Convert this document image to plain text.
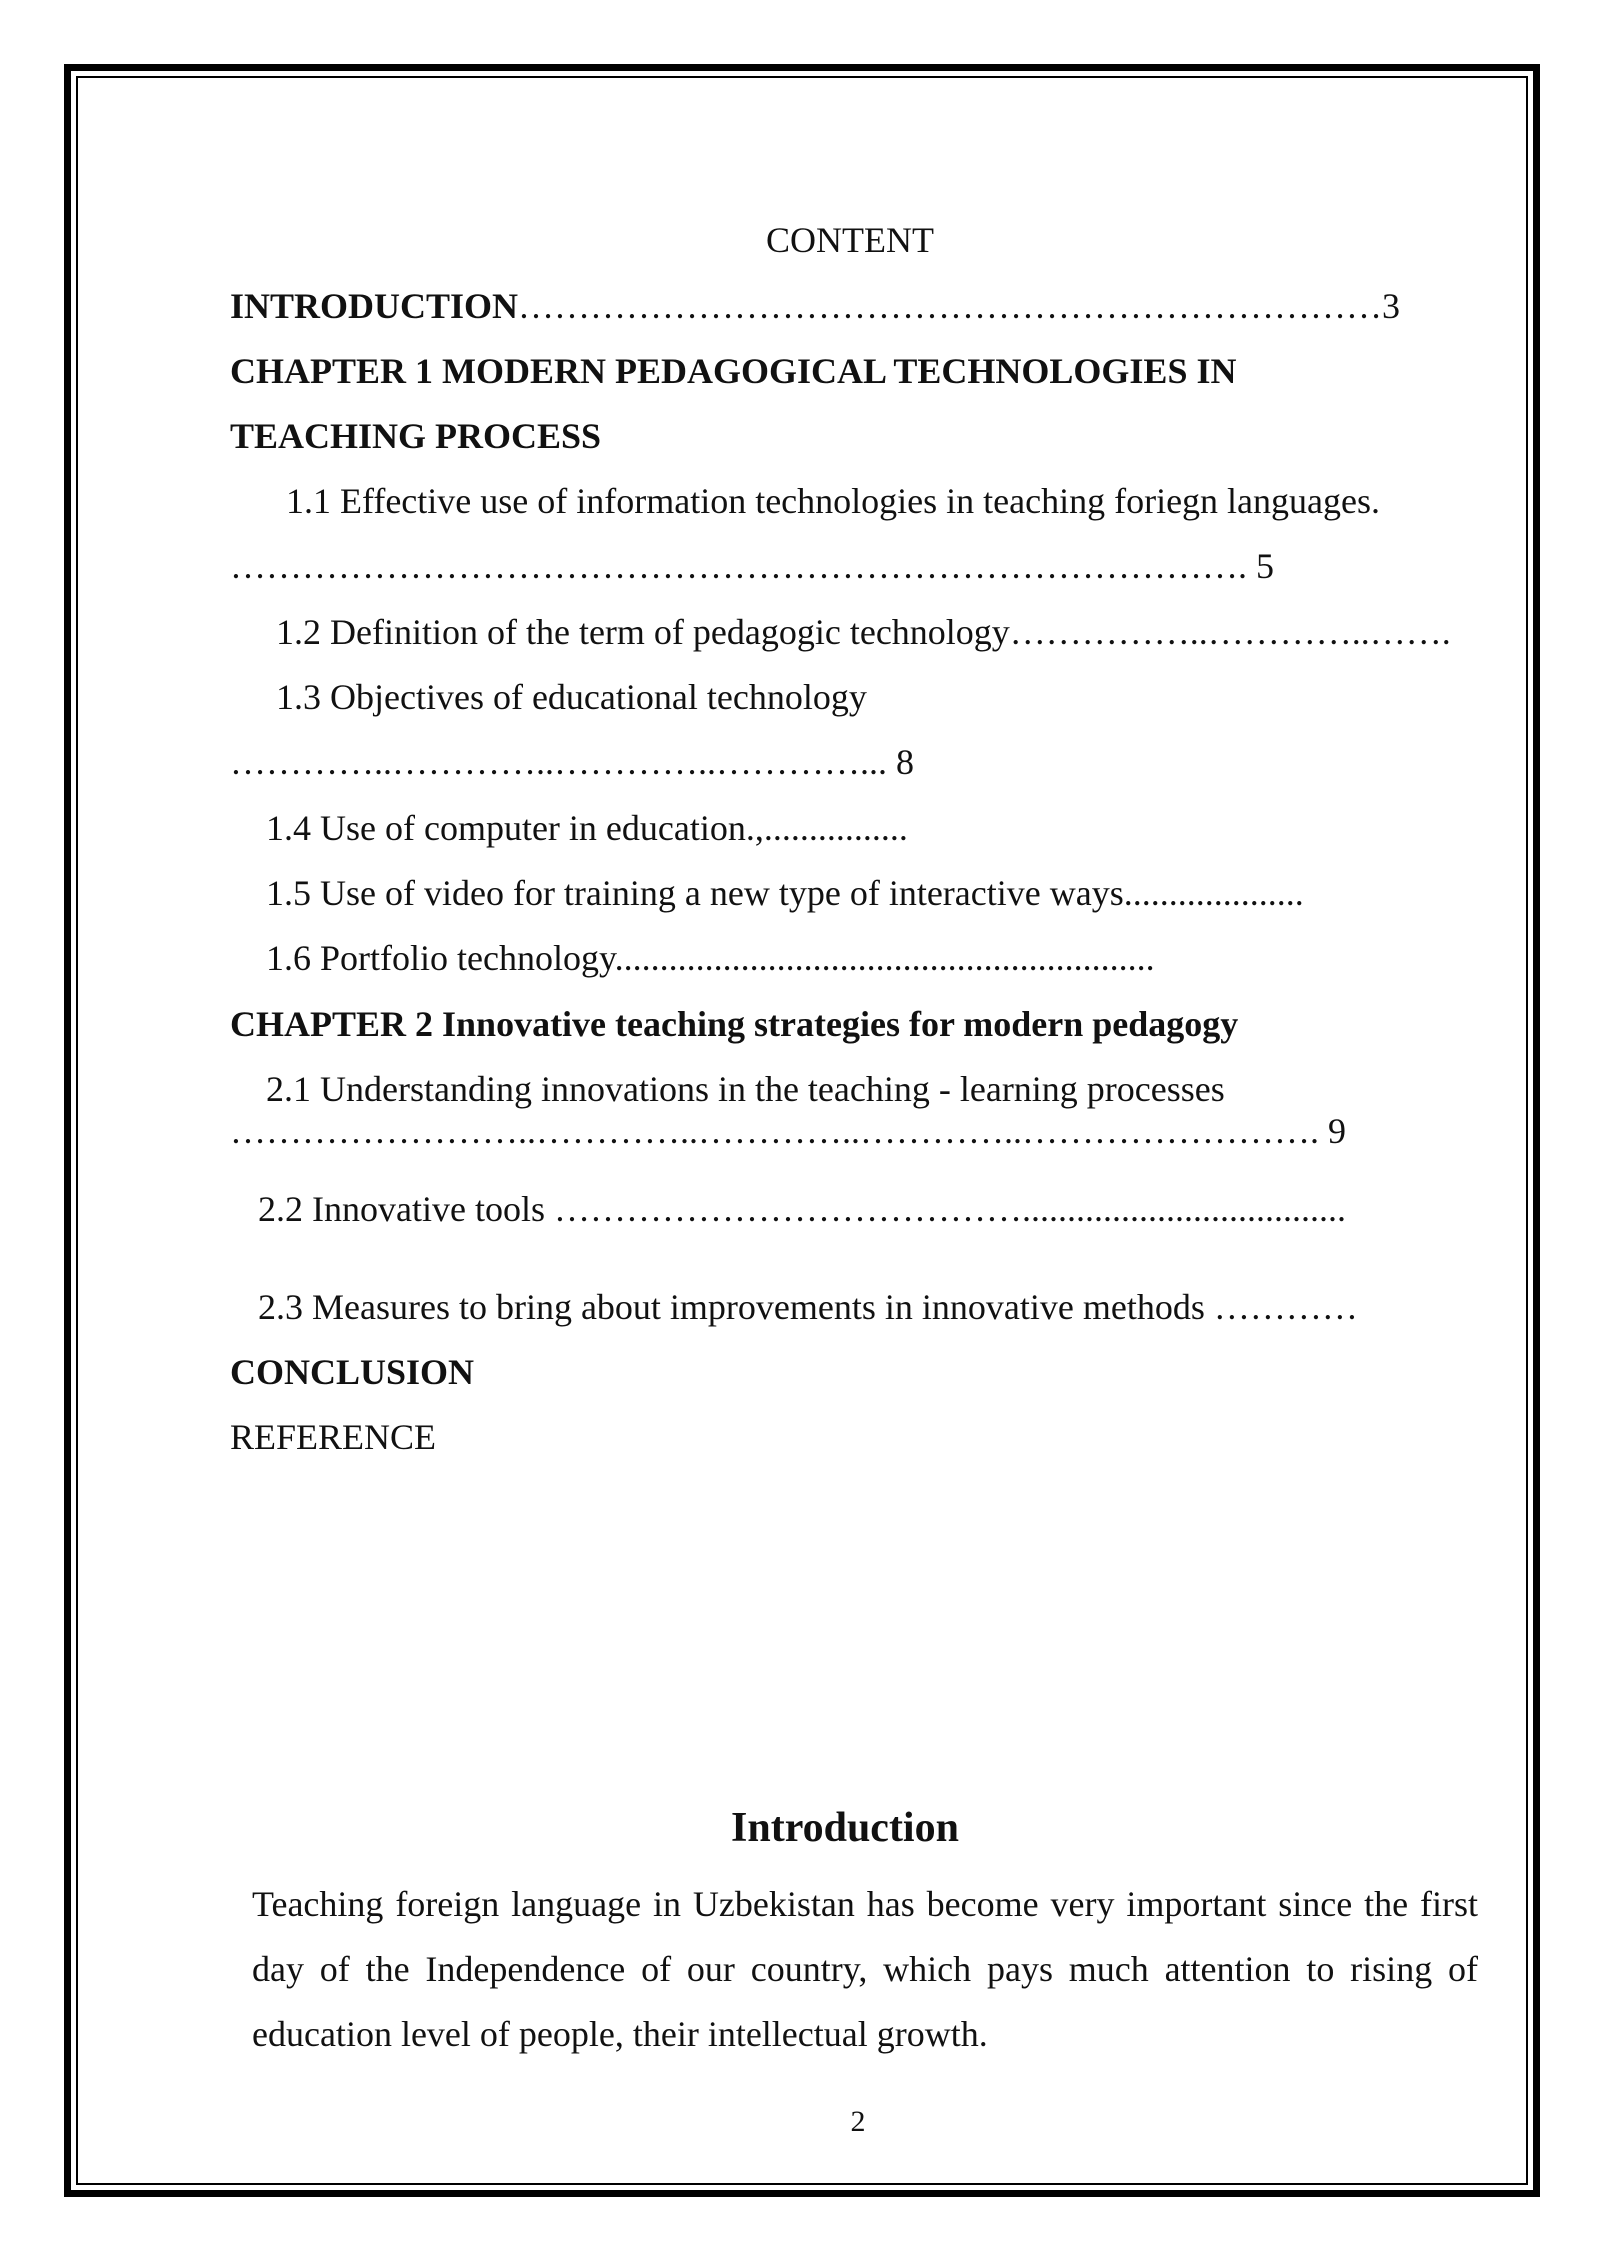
CONTENT
INTRODUCTION………………………………………………………………3
CHAPTER 1 MODERN PEDAGOGICAL TECHNOLOGIES IN
TEACHING PROCESS
1.1 Effective use of information technologies in teaching foriegn languages.
…………………………………………………………………………. 5
1.2 Definition of the term of pedagogic technology……………..…………..…….
1.3 Objectives of educational technology
…………..…………..…………..…………... 8
1.4 Use of computer in education.,................
1.5 Use of video for training a new type of interactive ways....................
1.6 Portfolio technology............................................................
CHAPTER 2 Innovative teaching strategies for modern pedagogy
2.1 Understanding innovations in the teaching - learning processes
……………………..…………..…………..…………..……………………. 9
2.2 Innovative tools …………………………………....................................
2.3 Measures to bring about improvements in innovative methods …………
CONCLUSION
REFERENCE
Introduction
Teaching foreign language in Uzbekistan has become very important since the first day of the Independence of our country, which pays much attention to rising of education level of people, their intellectual growth.
2
